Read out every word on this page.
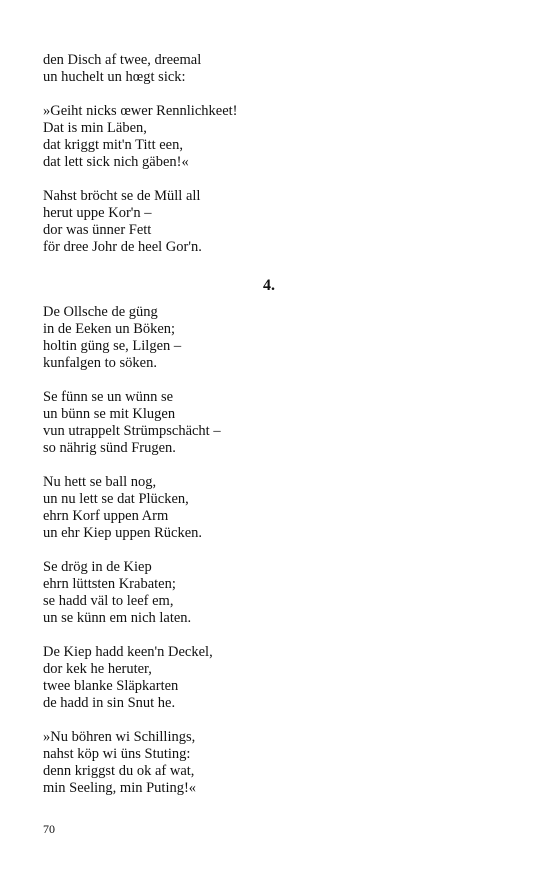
den Disch af twee, dreemal
un huchelt un hœgt sick:
»Geiht nicks œwer Rennlichkeet!
Dat is min Läben,
dat kriggt mit'n Titt een,
dat lett sick nich gäben!«
Nahst bröcht se de Müll all
herut uppe Kor'n –
dor was ünner Fett
för dree Johr de heel Gor'n.
4.
De Ollsche de güng
in de Eeken un Böken;
holtin güng se, Lilgen –
kunfalgen to söken.
Se fünn se un wünn se
un bünn se mit Klugen
vun utrappelt Strümpschächt –
so nährig sünd Frugen.
Nu hett se ball nog,
un nu lett se dat Plücken,
ehrn Korf uppen Arm
un ehr Kiep uppen Rücken.
Se drög in de Kiep
ehrn lüttsten Krabaten;
se hadd väl to leef em,
un se künn em nich laten.
De Kiep hadd keen'n Deckel,
dor kek he heruter,
twee blanke Släpkarten
de hadd in sin Snut he.
»Nu böhren wi Schillings,
nahst köp wi üns Stuting:
denn kriggst du ok af wat,
min Seeling, min Puting!«
70
